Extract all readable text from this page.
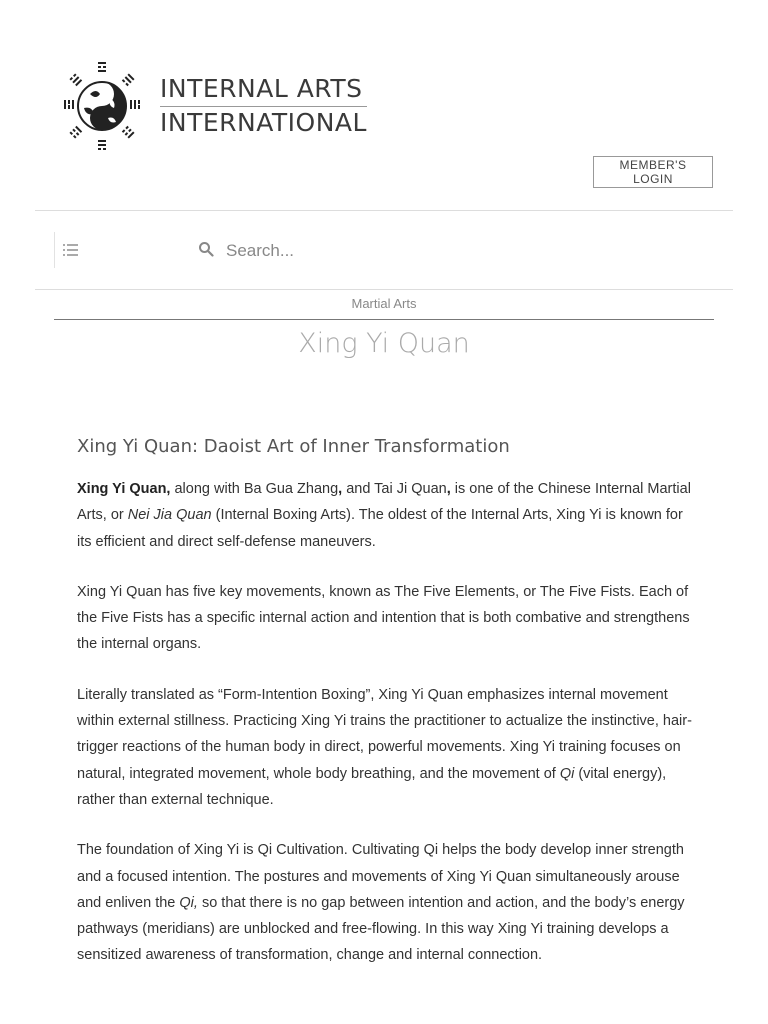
INTERNAL ARTS
INTERNATIONAL
MEMBER'S LOGIN
Search...
Martial Arts
Xing Yi Quan
Xing Yi Quan: Daoist Art of Inner Transformation

Xing Yi Quan, along with Ba Gua Zhang, and Tai Ji Quan, is one of the Chinese Internal Martial Arts, or Nei Jia Quan (Internal Boxing Arts). The oldest of the Internal Arts, Xing Yi is known for its efficient and direct self-defense maneuvers.

Xing Yi Quan has five key movements, known as The Five Elements, or The Five Fists. Each of the Five Fists has a specific internal action and intention that is both combative and strengthens the internal organs.

Literally translated as “Form-Intention Boxing”, Xing Yi Quan emphasizes internal movement within external stillness. Practicing Xing Yi trains the practitioner to actualize the instinctive, hair-trigger reactions of the human body in direct, powerful movements. Xing Yi training focuses on natural, integrated movement, whole body breathing, and the movement of Qi (vital energy), rather than external technique.

The foundation of Xing Yi is Qi Cultivation. Cultivating Qi helps the body develop inner strength and a focused intention. The postures and movements of Xing Yi Quan simultaneously arouse and enliven the Qi, so that there is no gap between intention and action, and the body’s energy pathways (meridians) are unblocked and free-flowing. In this way Xing Yi training develops a sensitized awareness of transformation, change and internal connection.
